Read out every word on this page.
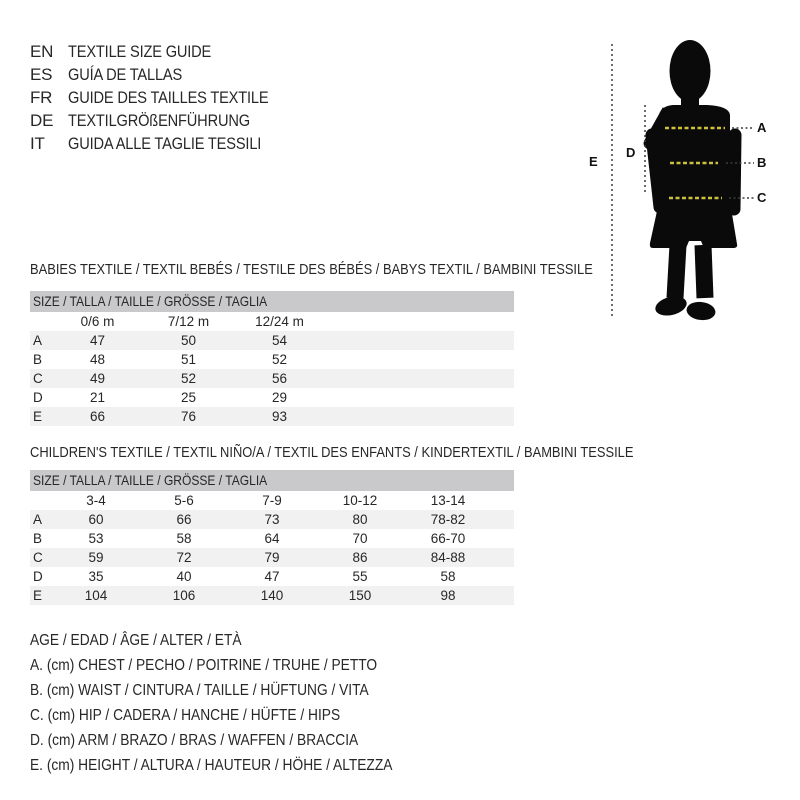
EN TEXTILE SIZE GUIDE
ES GUÍA DE TALLAS
FR GUIDE DES TAILLES TEXTILE
DE TEXTILGRÖßENFÜHRUNG
IT GUIDA ALLE TAGLIE TESSILI
A
B
C
D
E
BABIES TEXTILE / TEXTIL BEBÉS / TESTILE DES BÉBÉS / BABYS TEXTIL / BAMBINI TESSILE
SIZE / TALLA / TAILLE / GRÖSSE / TAGLIA
	0/6 m	7/12 m	12/24 m	
A	47	50	54	
B	48	51	52	
C	49	52	56	
D	21	25	29	
E	66	76	93	
CHILDREN'S TEXTILE / TEXTIL NIÑO/A / TEXTIL DES ENFANTS / KINDERTEXTIL / BAMBINI TESSILE
SIZE / TALLA / TAILLE / GRÖSSE / TAGLIA
	3-4	5-6	7-9	10-12	13-14	
A	60	66	73	80	78-82	
B	53	58	64	70	66-70	
C	59	72	79	86	84-88	
D	35	40	47	55	58	
E	104	106	140	150	98	
AGE / EDAD / ÂGE / ALTER / ETÀ
A. (cm) CHEST / PECHO / POITRINE / TRUHE / PETTO
B. (cm) WAIST / CINTURA / TAILLE / HÜFTUNG / VITA
C. (cm) HIP / CADERA / HANCHE / HÜFTE / HIPS
D. (cm) ARM / BRAZO / BRAS / WAFFEN / BRACCIA
E. (cm) HEIGHT / ALTURA / HAUTEUR / HÖHE / ALTEZZA
